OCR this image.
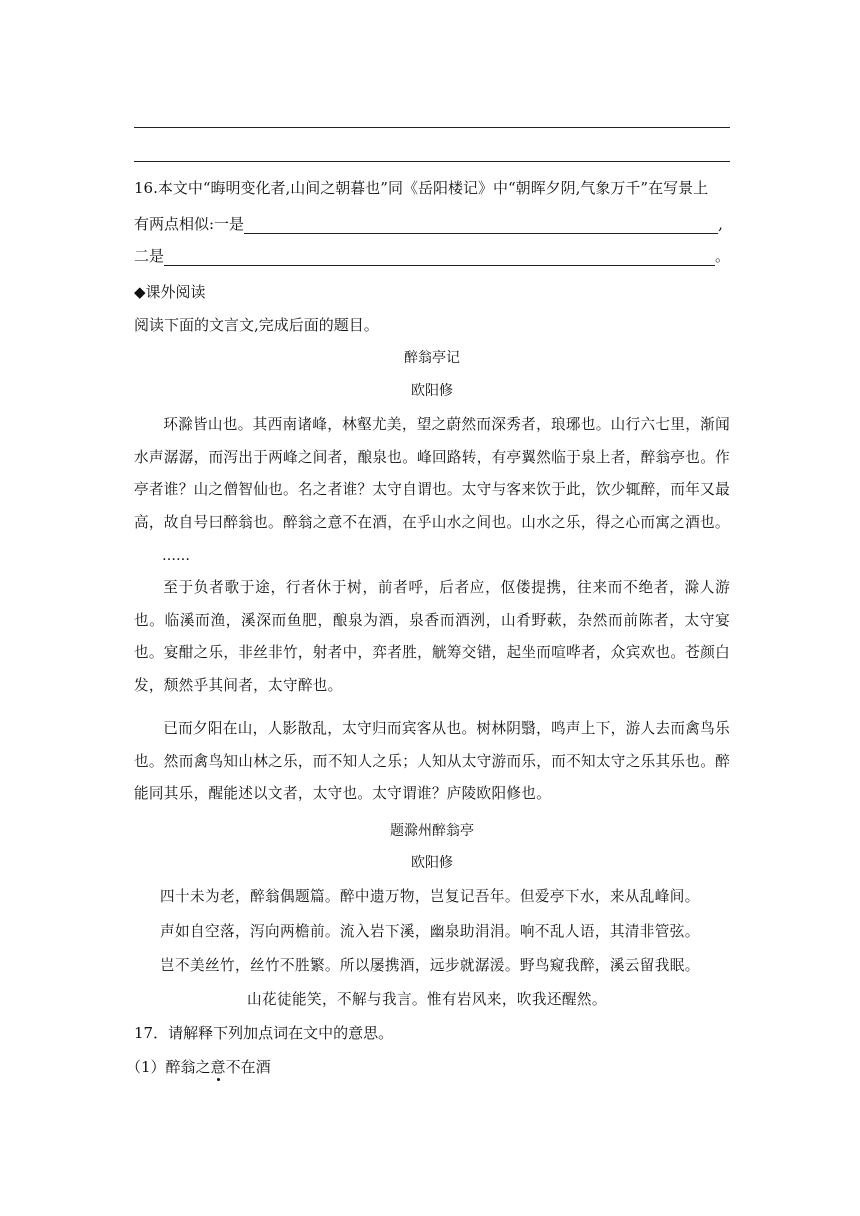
16.本文中“晦明变化者,山间之朝暮也”同《岳阳楼记》中“朝晖夕阴,气象万千”在写景上
有两点相似:一是	,
二是	。
◆课外阅读
阅读下面的文言文,完成后面的题目。
醉翁亭记
欧阳修

环滁皆山也。其西南诸峰，林壑尤美，望之蔚然而深秀者，琅琊也。山行六七里，渐闻水声潺潺，而泻出于两峰之间者，酿泉也。峰回路转，有亭翼然临于泉上者，醉翁亭也。作亭者谁？山之僧智仙也。名之者谁？太守自谓也。太守与客来饮于此，饮少辄醉，而年又最高，故自号曰醉翁也。醉翁之意不在酒，在乎山水之间也。山水之乐，得之心而寓之酒也。

……

至于负者歌于途，行者休于树，前者呼，后者应，伛偻提携，往来而不绝者，滁人游也。临溪而渔，溪深而鱼肥，酿泉为酒，泉香而酒洌，山肴野蔌，杂然而前陈者，太守宴也。宴酣之乐，非丝非竹，射者中，弈者胜，觥筹交错，起坐而喧哗者，众宾欢也。苍颜白发，颓然乎其间者，太守醉也。

已而夕阳在山，人影散乱，太守归而宾客从也。树林阴翳，鸣声上下，游人去而禽鸟乐也。然而禽鸟知山林之乐，而不知人之乐；人知从太守游而乐，而不知太守之乐其乐也。醉能同其乐，醒能述以文者，太守也。太守谓谁？庐陵欧阳修也。

题滁州醉翁亭
欧阳修
四十未为老，醉翁偶题篇。醉中遗万物，岂复记吾年。但爱亭下水，来从乱峰间。
声如自空落，泻向两檐前。流入岩下溪，幽泉助涓涓。响不乱人语，其清非管弦。
岂不美丝竹，丝竹不胜繁。所以屡携酒，远步就潺湲。野鸟窥我醉，溪云留我眠。
山花徒能笑，不解与我言。惟有岩风来，吹我还醒然。
17．请解释下列加点词在文中的意思。
（1）醉翁之意不在酒
